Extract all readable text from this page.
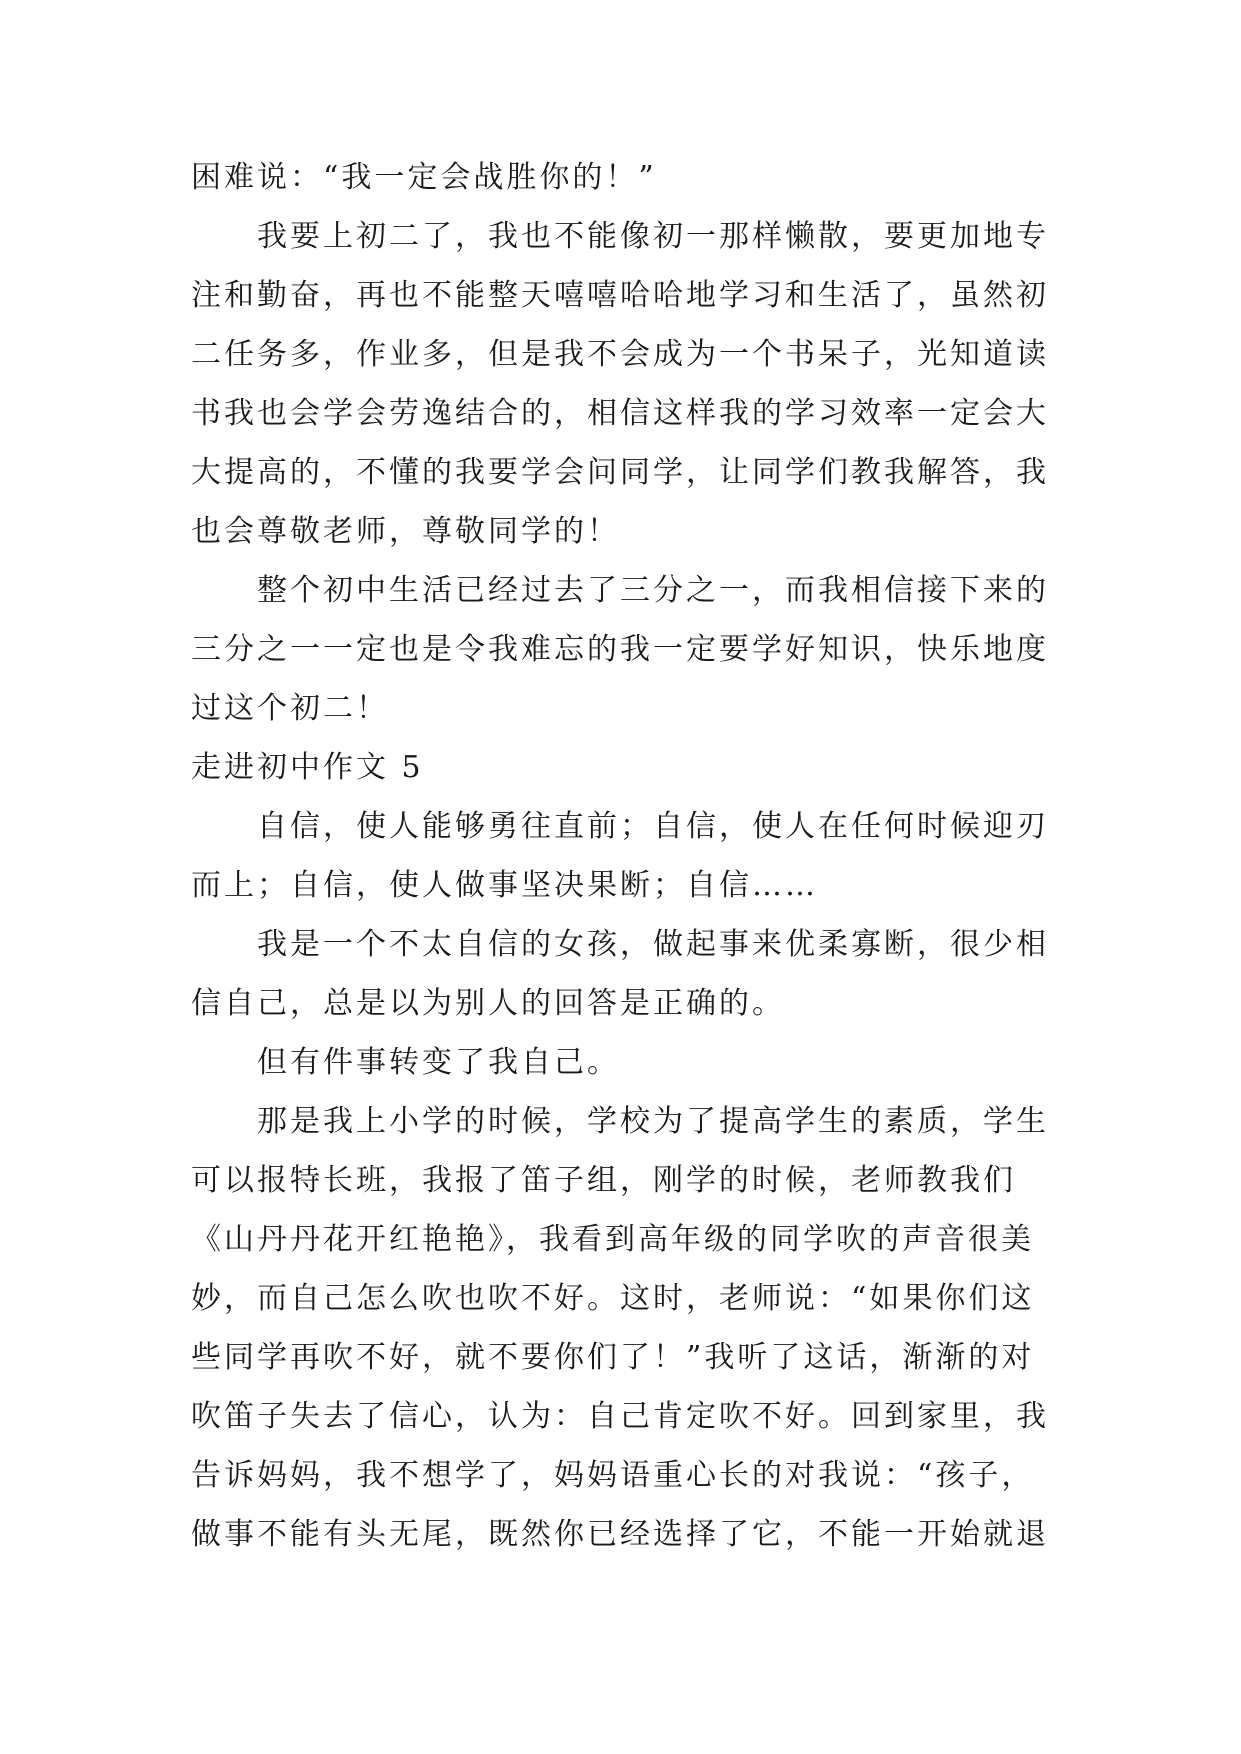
困难说：“我一定会战胜你的！”
我要上初二了，我也不能像初一那样懒散，要更加地专
注和勤奋，再也不能整天嘻嘻哈哈地学习和生活了，虽然初
二任务多，作业多，但是我不会成为一个书呆子，光知道读
书我也会学会劳逸结合的，相信这样我的学习效率一定会大
大提高的，不懂的我要学会问同学，让同学们教我解答，我
也会尊敬老师，尊敬同学的！
整个初中生活已经过去了三分之一，而我相信接下来的
三分之一一定也是令我难忘的我一定要学好知识，快乐地度
过这个初二！
走进初中作文 5
自信，使人能够勇往直前；自信，使人在任何时候迎刃
而上；自信，使人做事坚决果断；自信……
我是一个不太自信的女孩，做起事来优柔寡断，很少相
信自己，总是以为别人的回答是正确的。
但有件事转变了我自己。
那是我上小学的时候，学校为了提高学生的素质，学生
可以报特长班，我报了笛子组，刚学的时候，老师教我们
《山丹丹花开红艳艳》，我看到高年级的同学吹的声音很美
妙，而自己怎么吹也吹不好。这时，老师说：“如果你们这
些同学再吹不好，就不要你们了！”我听了这话，渐渐的对
吹笛子失去了信心，认为：自己肯定吹不好。回到家里，我
告诉妈妈，我不想学了，妈妈语重心长的对我说：“孩子，
做事不能有头无尾，既然你已经选择了它，不能一开始就退
